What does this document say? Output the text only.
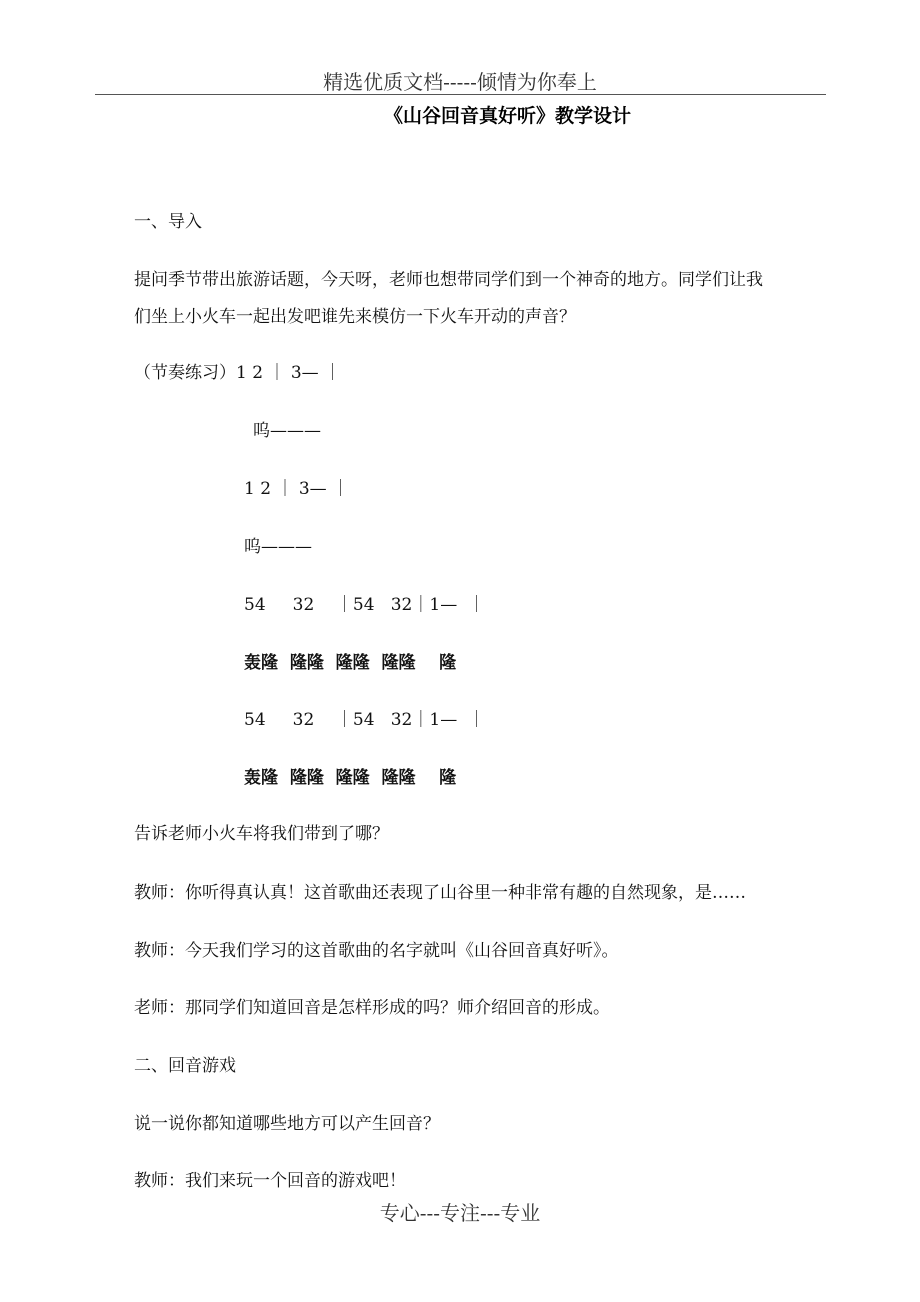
精选优质文档-----倾情为你奉上
《山谷回音真好听》教学设计
一、导入
提问季节带出旅游话题，今天呀，老师也想带同学们到一个神奇的地方。同学们让我
们坐上小火车一起出发吧谁先来模仿一下火车开动的声音？
（节奏练习）1 2 ｜ 3— ｜
呜———
1 2 ｜ 3— ｜
呜———
54     32    ｜54   32｜1—  ｜
轰隆  隆隆  隆隆  隆隆    隆
54     32    ｜54   32｜1—  ｜
轰隆  隆隆  隆隆  隆隆    隆
告诉老师小火车将我们带到了哪？
教师：你听得真认真！这首歌曲还表现了山谷里一种非常有趣的自然现象，是……
教师：今天我们学习的这首歌曲的名字就叫《山谷回音真好听》。
老师：那同学们知道回音是怎样形成的吗？师介绍回音的形成。
二、回音游戏
说一说你都知道哪些地方可以产生回音？
教师：我们来玩一个回音的游戏吧！
专心---专注---专业
